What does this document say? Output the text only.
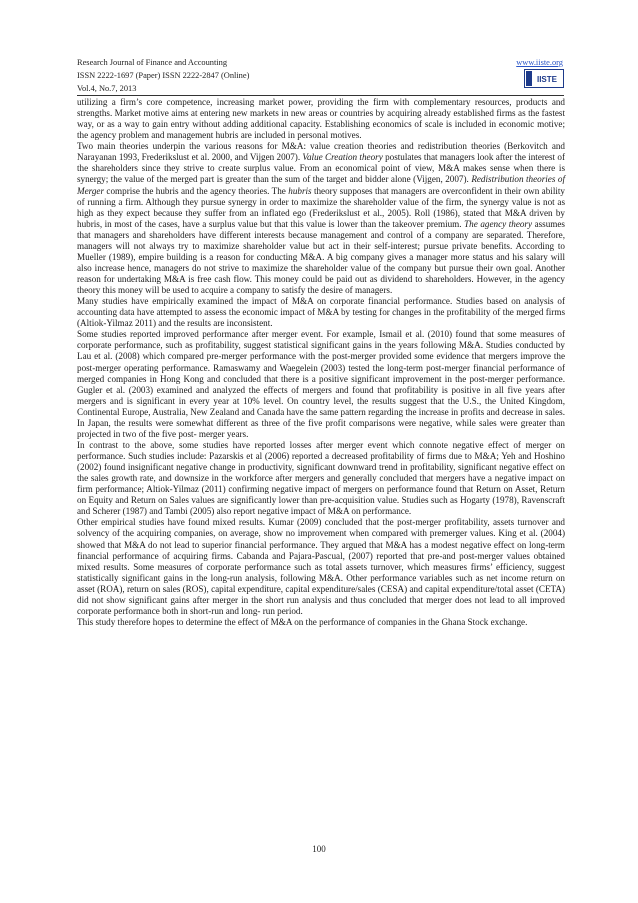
Research Journal of Finance and Accounting
ISSN 2222-1697 (Paper) ISSN 2222-2847 (Online)
Vol.4, No.7, 2013
www.iiste.org
IISTE

utilizing a firm’s core competence, increasing market power, providing the firm with complementary resources, products and strengths. Market motive aims at entering new markets in new areas or countries by acquiring already established firms as the fastest way, or as a way to gain entry without adding additional capacity. Establishing economics of scale is included in economic motive; the agency problem and management hubris are included in personal motives.

Two main theories underpin the various reasons for M&A: value creation theories and redistribution theories (Berkovitch and Narayanan 1993, Frederikslust et al. 2000, and Vijgen 2007). Value Creation theory postulates that managers look after the interest of the shareholders since they strive to create surplus value. From an economical point of view, M&A makes sense when there is synergy; the value of the merged part is greater than the sum of the target and bidder alone (Vijgen, 2007). Redistribution theories of Merger comprise the hubris and the agency theories. The hubris theory supposes that managers are overconfident in their own ability of running a firm. Although they pursue synergy in order to maximize the shareholder value of the firm, the synergy value is not as high as they expect because they suffer from an inflated ego (Frederikslust et al., 2005). Roll (1986), stated that M&A driven by hubris, in most of the cases, have a surplus value but that this value is lower than the takeover premium. The agency theory assumes that managers and shareholders have different interests because management and control of a company are separated. Therefore, managers will not always try to maximize shareholder value but act in their self-interest; pursue private benefits. According to Mueller (1989), empire building is a reason for conducting M&A. A big company gives a manager more status and his salary will also increase hence, managers do not strive to maximize the shareholder value of the company but pursue their own goal. Another reason for undertaking M&A is free cash flow. This money could be paid out as dividend to shareholders. However, in the agency theory this money will be used to acquire a company to satisfy the desire of managers.

Many studies have empirically examined the impact of M&A on corporate financial performance. Studies based on analysis of accounting data have attempted to assess the economic impact of M&A by testing for changes in the profitability of the merged firms (Altiok-Yilmaz 2011) and the results are inconsistent.

Some studies reported improved performance after merger event. For example, Ismail et al. (2010) found that some measures of corporate performance, such as profitability, suggest statistical significant gains in the years following M&A. Studies conducted by Lau et al. (2008) which compared pre-merger performance with the post-merger provided some evidence that mergers improve the post-merger operating performance. Ramaswamy and Waegelein (2003) tested the long-term post-merger financial performance of merged companies in Hong Kong and concluded that there is a positive significant improvement in the post-merger performance. Gugler et al. (2003) examined and analyzed the effects of mergers and found that profitability is positive in all five years after mergers and is significant in every year at 10% level. On country level, the results suggest that the U.S., the United Kingdom, Continental Europe, Australia, New Zealand and Canada have the same pattern regarding the increase in profits and decrease in sales. In Japan, the results were somewhat different as three of the five profit comparisons were negative, while sales were greater than projected in two of the five post- merger years.

In contrast to the above, some studies have reported losses after merger event which connote negative effect of merger on performance. Such studies include: Pazarskis et al (2006) reported a decreased profitability of firms due to M&A; Yeh and Hoshino (2002) found insignificant negative change in productivity, significant downward trend in profitability, significant negative effect on the sales growth rate, and downsize in the workforce after mergers and generally concluded that mergers have a negative impact on firm performance; Altiok-Yilmaz (2011) confirming negative impact of mergers on performance found that Return on Asset, Return on Equity and Return on Sales values are significantly lower than pre-acquisition value. Studies such as Hogarty (1978), Ravenscraft and Scherer (1987) and Tambi (2005) also report negative impact of M&A on performance.

Other empirical studies have found mixed results. Kumar (2009) concluded that the post-merger profitability, assets turnover and solvency of the acquiring companies, on average, show no improvement when compared with premerger values. King et al. (2004) showed that M&A do not lead to superior financial performance. They argued that M&A has a modest negative effect on long-term financial performance of acquiring firms. Cabanda and Pajara-Pascual, (2007) reported that pre-and post-merger values obtained mixed results. Some measures of corporate performance such as total assets turnover, which measures firms’ efficiency, suggest statistically significant gains in the long-run analysis, following M&A. Other performance variables such as net income return on asset (ROA), return on sales (ROS), capital expenditure, capital expenditure/sales (CESA) and capital expenditure/total asset (CETA) did not show significant gains after merger in the short run analysis and thus concluded that merger does not lead to all improved corporate performance both in short-run and long- run period.

This study therefore hopes to determine the effect of M&A on the performance of companies in the Ghana Stock exchange.

100
